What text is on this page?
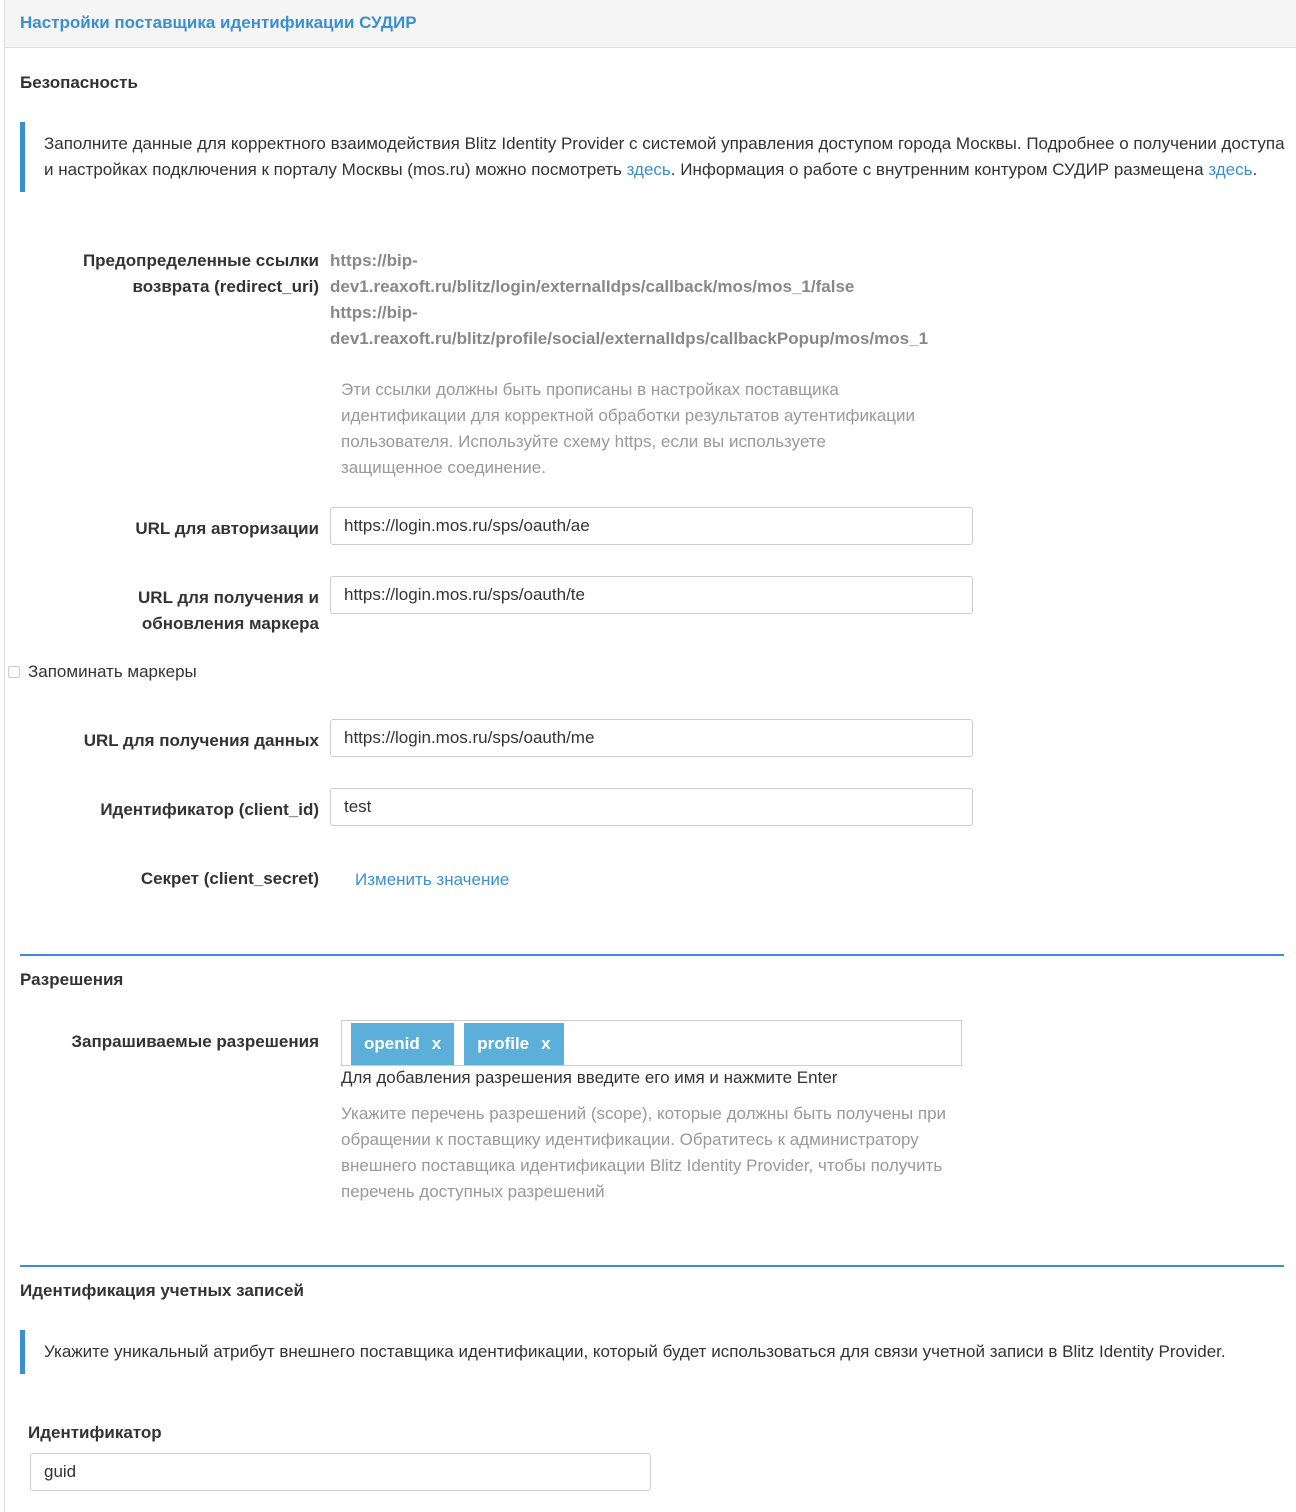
Настройки поставщика идентификации СУДИР
Безопасность
Заполните данные для корректного взаимодействия Blitz Identity Provider с системой управления доступом города Москвы. Подробнее о получении доступа и настройках подключения к порталу Москвы (mos.ru) можно посмотреть здесь. Информация о работе с внутренним контуром СУДИР размещена здесь.
Предопределенные ссылки возврата (redirect_uri)
https://bip-
dev1.reaxoft.ru/blitz/login/externalIdps/callback/mos/mos_1/false
https://bip-
dev1.reaxoft.ru/blitz/profile/social/externalIdps/callbackPopup/mos/mos_1
Эти ссылки должны быть прописаны в настройках поставщика идентификации для корректной обработки результатов аутентификации пользователя. Используйте схему https, если вы используете защищенное соединение.
URL для авторизации
https://login.mos.ru/sps/oauth/ae
URL для получения и обновления маркера
https://login.mos.ru/sps/oauth/te
Запоминать маркеры
URL для получения данных
https://login.mos.ru/sps/oauth/me
Идентификатор (client_id)
test
Секрет (client_secret) Изменить значение
Разрешения
Запрашиваемые разрешения	openid x profile x
Для добавления разрешения введите его имя и нажмите Enter
Укажите перечень разрешений (scope), которые должны быть получены при обращении к поставщику идентификации. Обратитесь к администратору внешнего поставщика идентификации Blitz Identity Provider, чтобы получить перечень доступных разрешений
Идентификация учетных записей
Укажите уникальный атрибут внешнего поставщика идентификации, который будет использоваться для связи учетной записи в Blitz Identity Provider.
Идентификатор
guid
